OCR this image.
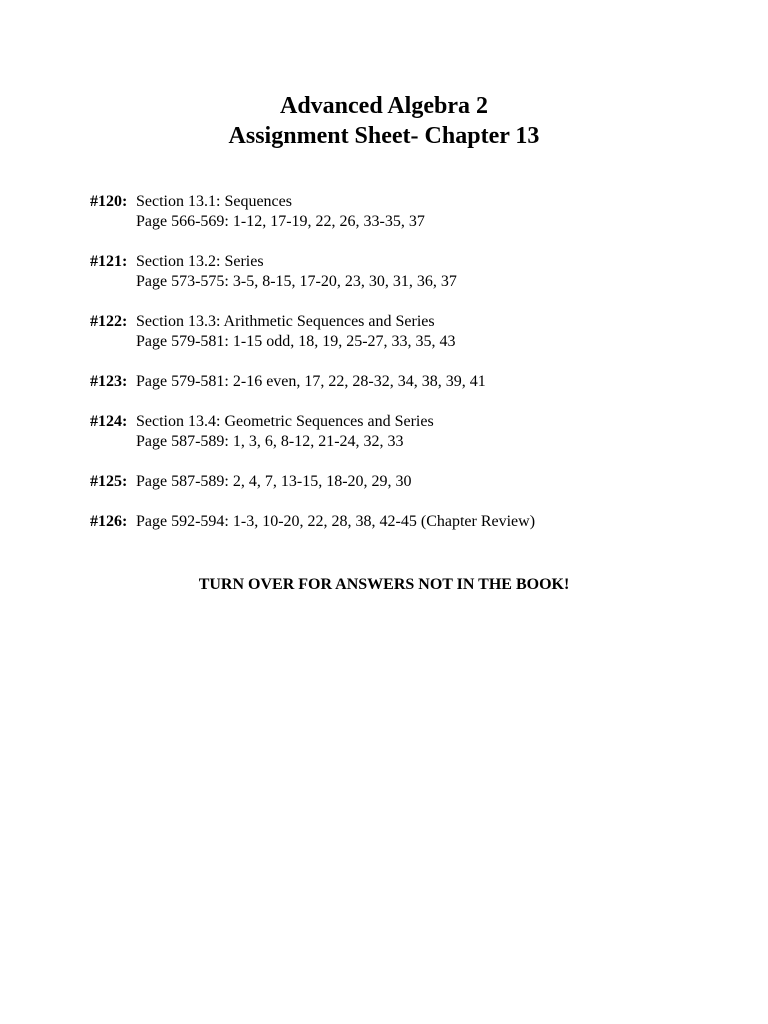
Advanced Algebra 2
Assignment Sheet- Chapter 13
#120: Section 13.1: Sequences
Page 566-569: 1-12, 17-19, 22, 26, 33-35, 37
#121: Section 13.2: Series
Page 573-575: 3-5, 8-15, 17-20, 23, 30, 31, 36, 37
#122: Section 13.3: Arithmetic Sequences and Series
Page 579-581: 1-15 odd, 18, 19, 25-27, 33, 35, 43
#123: Page 579-581: 2-16 even, 17, 22, 28-32, 34, 38, 39, 41
#124: Section 13.4: Geometric Sequences and Series
Page 587-589: 1, 3, 6, 8-12, 21-24, 32, 33
#125: Page 587-589: 2, 4, 7, 13-15, 18-20, 29, 30
#126: Page 592-594: 1-3, 10-20, 22, 28, 38, 42-45 (Chapter Review)
TURN OVER FOR ANSWERS NOT IN THE BOOK!
